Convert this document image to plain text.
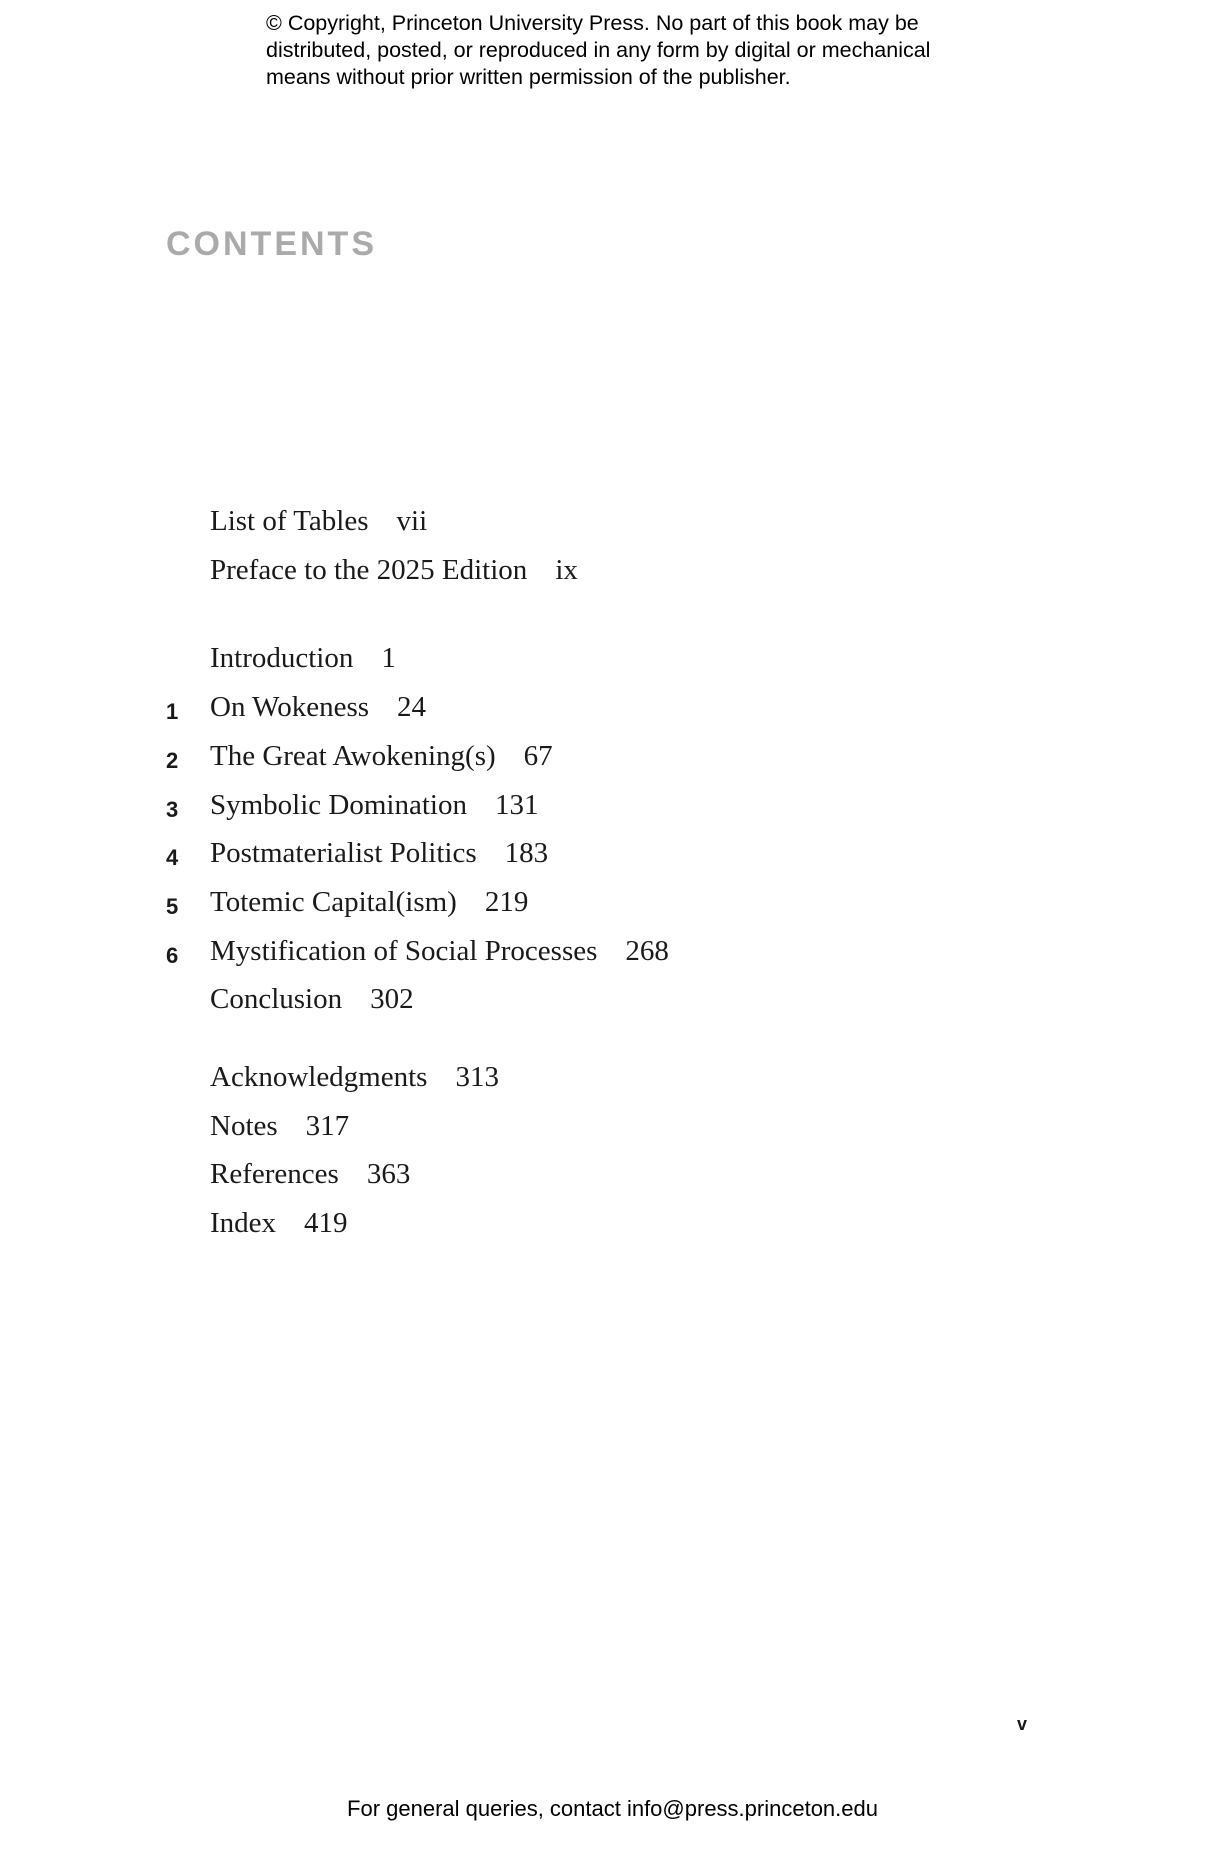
© Copyright, Princeton University Press. No part of this book may be
distributed, posted, or reproduced in any form by digital or mechanical
means without prior written permission of the publisher.
CONTENTS
List of Tables vii
Preface to the 2025 Edition ix
Introduction 1
1 On Wokeness 24
2 The Great Awokening(s) 67
3 Symbolic Domination 131
4 Postmaterialist Politics 183
5 Totemic Capital(ism) 219
6 Mystification of Social Processes 268
Conclusion 302
Acknowledgments 313
Notes 317
References 363
Index 419
v
For general queries, contact info@press.princeton.edu
